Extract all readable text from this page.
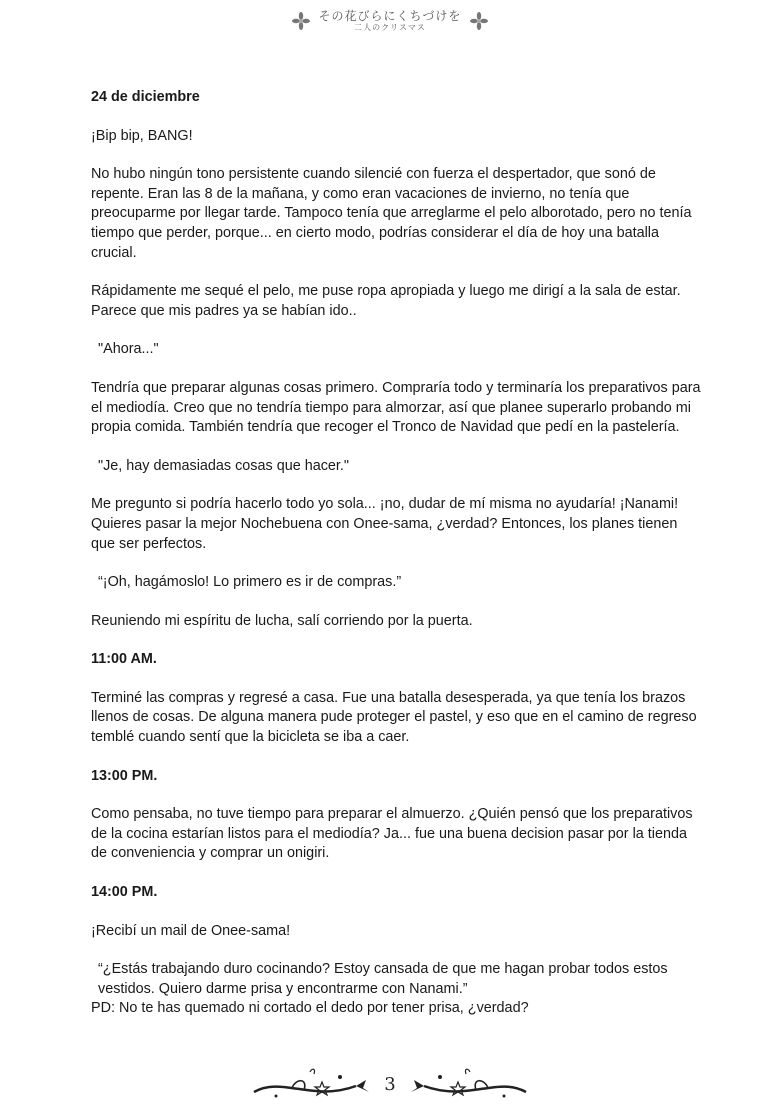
その花びらにくちづけを
二人のクリスマス

24 de diciembre

¡Bip bip, BANG!

No hubo ningún tono persistente cuando silencié con fuerza el despertador, que sonó de repente. Eran las 8 de la mañana, y como eran vacaciones de invierno, no tenía que preocuparme por llegar tarde. Tampoco tenía que arreglarme el pelo alborotado, pero no tenía tiempo que perder, porque... en cierto modo, podrías considerar el día de hoy una batalla crucial.

Rápidamente me sequé el pelo, me puse ropa apropiada y luego me dirigí a la sala de estar. Parece que mis padres ya se habían ido..

"Ahora..."

Tendría que preparar algunas cosas primero. Compraría todo y terminaría los preparativos para el mediodía. Creo que no tendría tiempo para almorzar, así que planee superarlo probando mi propia comida. También tendría que recoger el Tronco de Navidad que pedí en la pastelería.

"Je, hay demasiadas cosas que hacer."

Me pregunto si podría hacerlo todo yo sola... ¡no, dudar de mí misma no ayudaría! ¡Nanami! Quieres pasar la mejor Nochebuena con Onee-sama, ¿verdad? Entonces, los planes tienen que ser perfectos.

“¡Oh, hagámoslo! Lo primero es ir de compras.”

Reuniendo mi espíritu de lucha, salí corriendo por la puerta.

11:00 AM.

Terminé las compras y regresé a casa. Fue una batalla desesperada, ya que tenía los brazos llenos de cosas. De alguna manera pude proteger el pastel, y eso que en el camino de regreso temblé cuando sentí que la bicicleta se iba a caer.

13:00 PM.

Como pensaba, no tuve tiempo para preparar el almuerzo. ¿Quién pensó que los preparativos de la cocina estarían listos para el mediodía? Ja... fue una buena decision pasar por la tienda de conveniencia y comprar un onigiri.

14:00 PM.

¡Recibí un mail de Onee-sama!

“¿Estás trabajando duro cocinando? Estoy cansada de que me hagan probar todos estos vestidos. Quiero darme prisa y encontrarme con Nanami.”

PD: No te has quemado ni cortado el dedo por tener prisa, ¿verdad?

3
